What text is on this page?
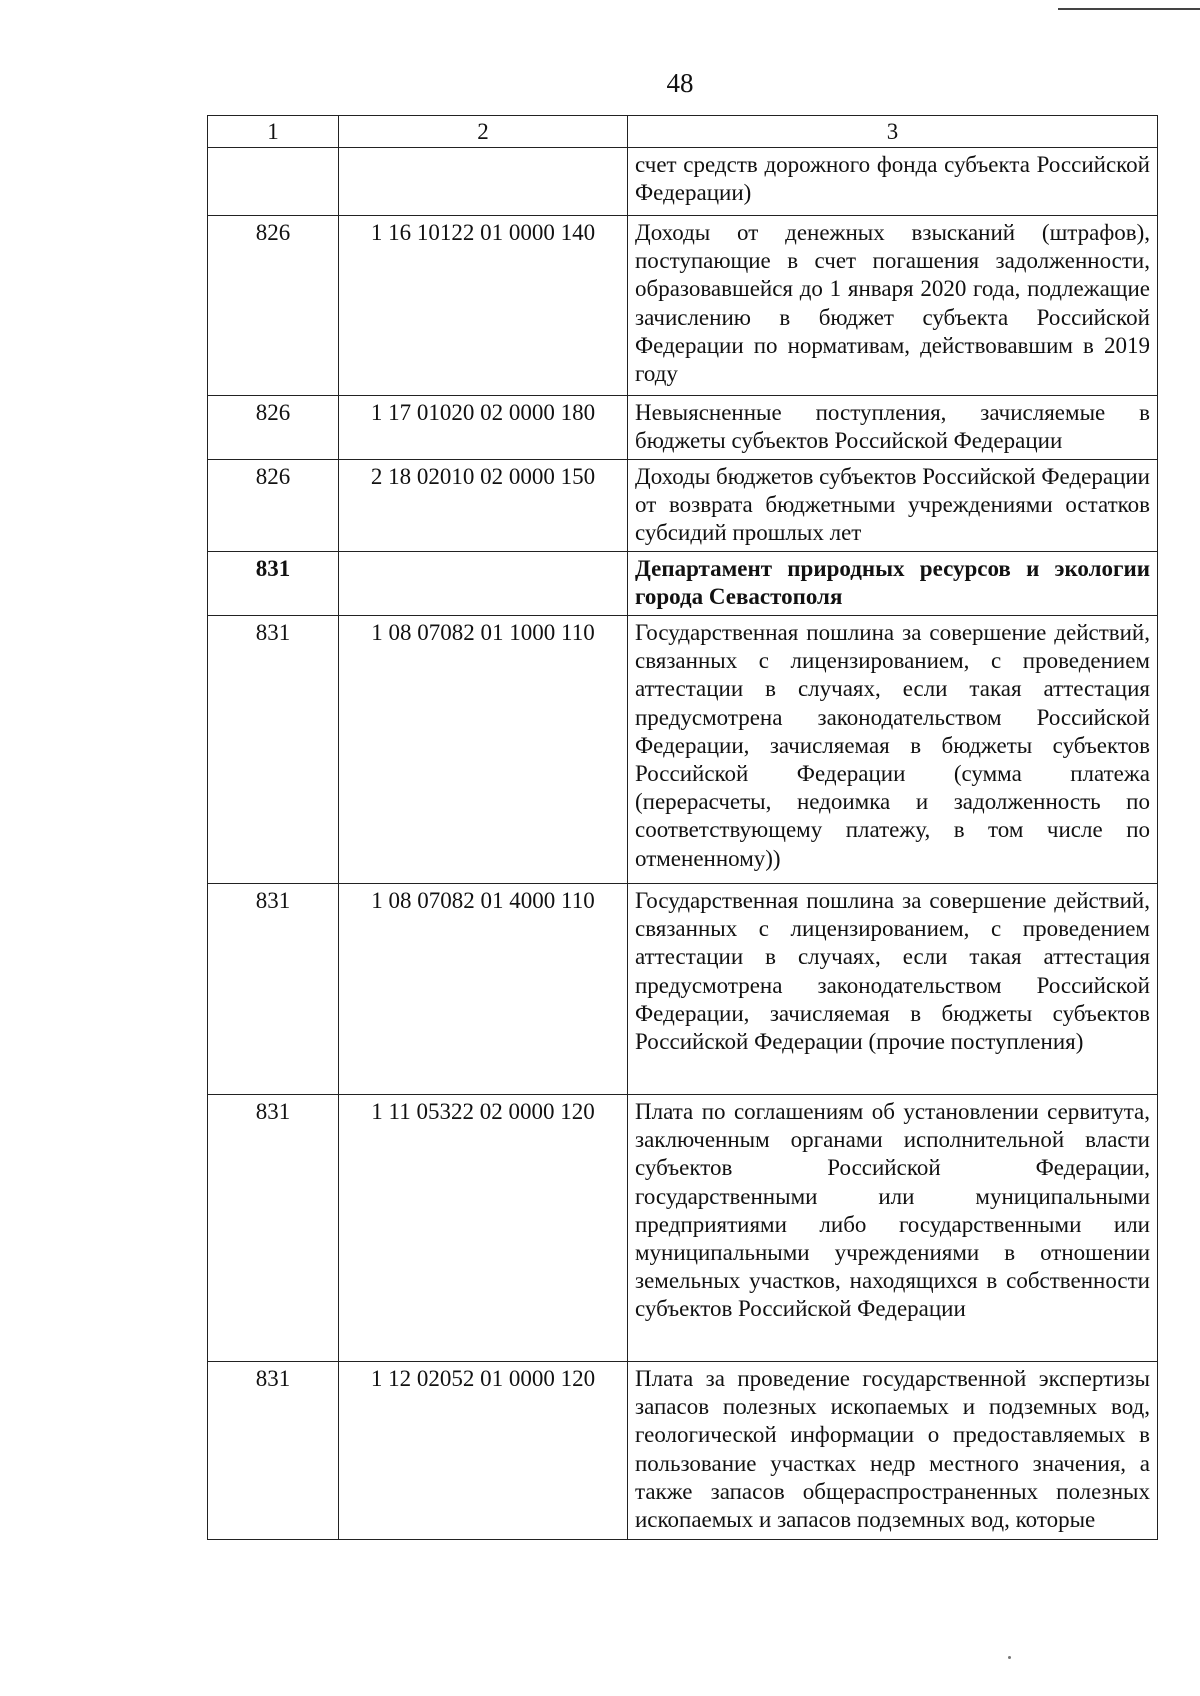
48
1	2	3
		счет средств дорожного фонда субъекта Российской Федерации)
826	1 16 10122 01 0000 140	Доходы от денежных взысканий (штрафов), поступающие в счет погашения задолженности, образовавшейся до 1 января 2020 года, подлежащие зачислению в бюджет субъекта Российской Федерации по нормативам, действовавшим в 2019 году
826	1 17 01020 02 0000 180	Невыясненные поступления, зачисляемые в бюджеты субъектов Российской Федерации
826	2 18 02010 02 0000 150	Доходы бюджетов субъектов Российской Федерации от возврата бюджетными учреждениями остатков субсидий прошлых лет
831		Департамент природных ресурсов и экологии города Севастополя
831	1 08 07082 01 1000 110	Государственная пошлина за совершение действий, связанных с лицензированием, с проведением аттестации в случаях, если такая аттестация предусмотрена законодательством Российской Федерации, зачисляемая в бюджеты субъектов Российской Федерации (сумма платежа (перерасчеты, недоимка и задолженность по соответствующему платежу, в том числе по отмененному))
831	1 08 07082 01 4000 110	Государственная пошлина за совершение действий, связанных с лицензированием, с проведением аттестации в случаях, если такая аттестация предусмотрена законодательством Российской Федерации, зачисляемая в бюджеты субъектов Российской Федерации (прочие поступления)
831	1 11 05322 02 0000 120	Плата по соглашениям об установлении сервитута, заключенным органами исполнительной власти субъектов Российской Федерации, государственными или муниципальными предприятиями либо государственными или муниципальными учреждениями в отношении земельных участков, находящихся в собственности субъектов Российской Федерации
831	1 12 02052 01 0000 120	Плата за проведение государственной экспертизы запасов полезных ископаемых и подземных вод, геологической информации о предоставляемых в пользование участках недр местного значения, а также запасов общераспространенных полезных ископаемых и запасов подземных вод, которые
